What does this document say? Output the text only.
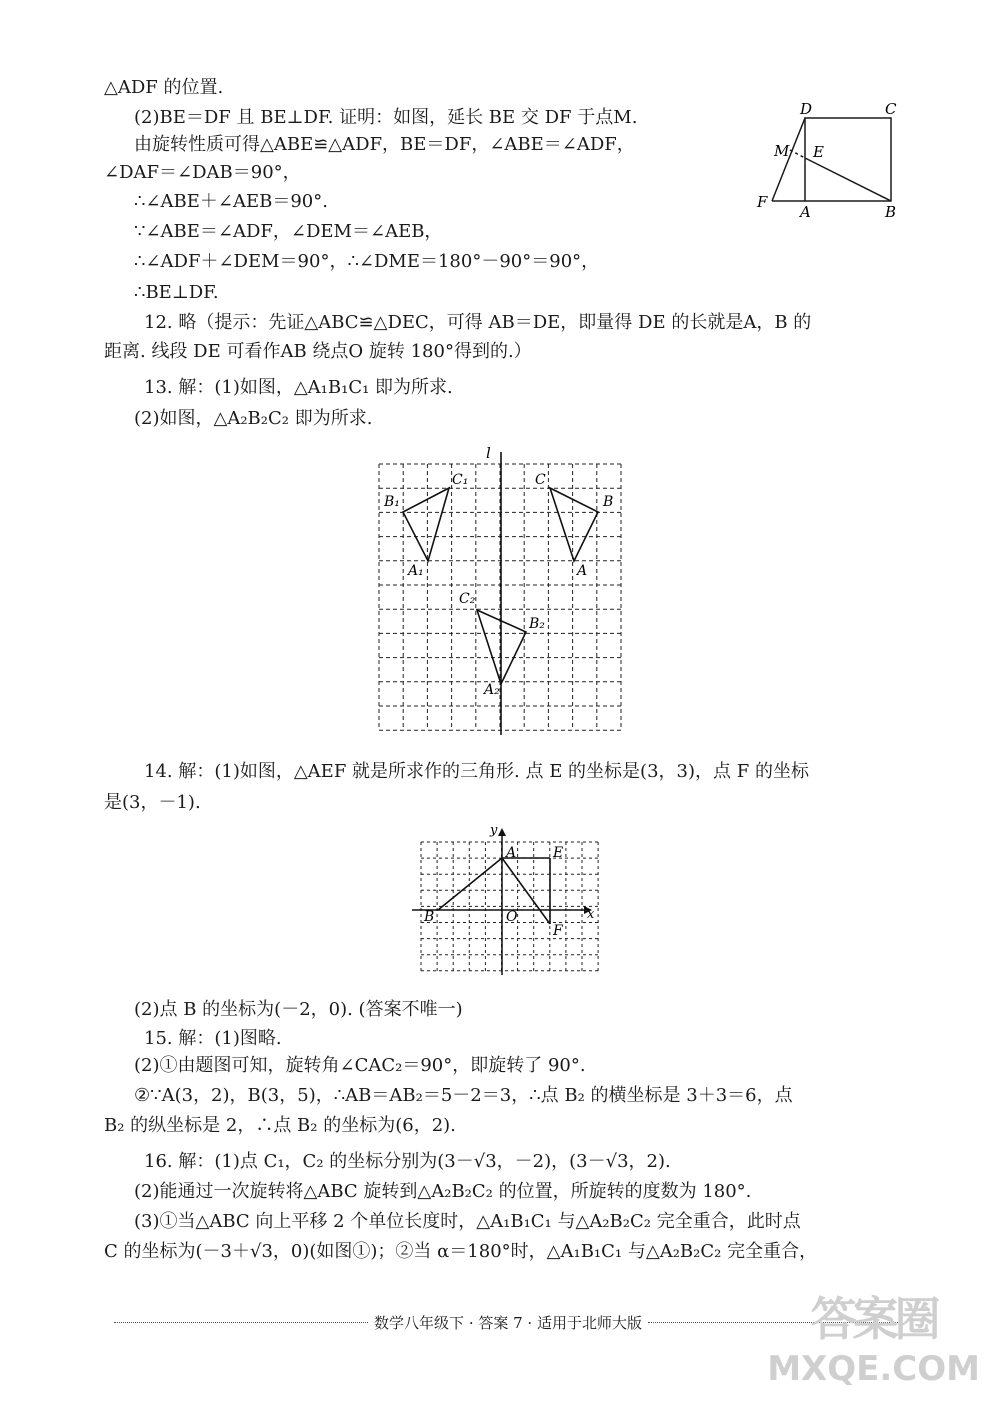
△ADF 的位置.
(2)BE＝DF 且 BE⊥DF. 证明：如图，延长 BE 交 DF 于点M.
由旋转性质可得△ABE≌△ADF，BE＝DF，∠ABE＝∠ADF，
∠DAF＝∠DAB＝90°，
∴∠ABE＋∠AEB＝90°.
∵∠ABE＝∠ADF，∠DEM＝∠AEB，
∴∠ADF＋∠DEM＝90°，∴∠DME＝180°－90°＝90°，
∴BE⊥DF.
12. 略（提示：先证△ABC≌△DEC，可得 AB＝DE，即量得 DE 的长就是A，B 的
距离. 线段 DE 可看作AB 绕点O 旋转 180°得到的.）
13. 解：(1)如图，△A₁B₁C₁ 即为所求.
(2)如图，△A₂B₂C₂ 即为所求.
14. 解：(1)如图，△AEF 就是所求作的三角形. 点 E 的坐标是(3，3)，点 F 的坐标
是(3，－1).
(2)点 B 的坐标为(－2，0). (答案不唯一)
15. 解：(1)图略.
(2)①由题图可知，旋转角∠CAC₂＝90°，即旋转了 90°.
②∵A(3，2)，B(3，5)，∴AB＝AB₂＝5－2＝3，∴点 B₂ 的横坐标是 3＋3＝6，点
B₂ 的纵坐标是 2，∴点 B₂ 的坐标为(6，2).
16. 解：(1)点 C₁，C₂ 的坐标分别为(3－√3，－2)，(3－√3，2).
(2)能通过一次旋转将△ABC 旋转到△A₂B₂C₂ 的位置，所旋转的度数为 180°.
(3)①当△ABC 向上平移 2 个单位长度时，△A₁B₁C₁ 与△A₂B₂C₂ 完全重合，此时点
C 的坐标为(－3＋√3，0)(如图①)；②当 α＝180°时，△A₁B₁C₁ 与△A₂B₂C₂ 完全重合，
D	C
M E
F
A	B
l
C₁
B₁
A₁
C
B
A
C₂
B₂
A₂
y
x
A	E
B	O
F
数学八年级下 · 答案 7 · 适用于北师大版	答案圈
MXQE.COM
